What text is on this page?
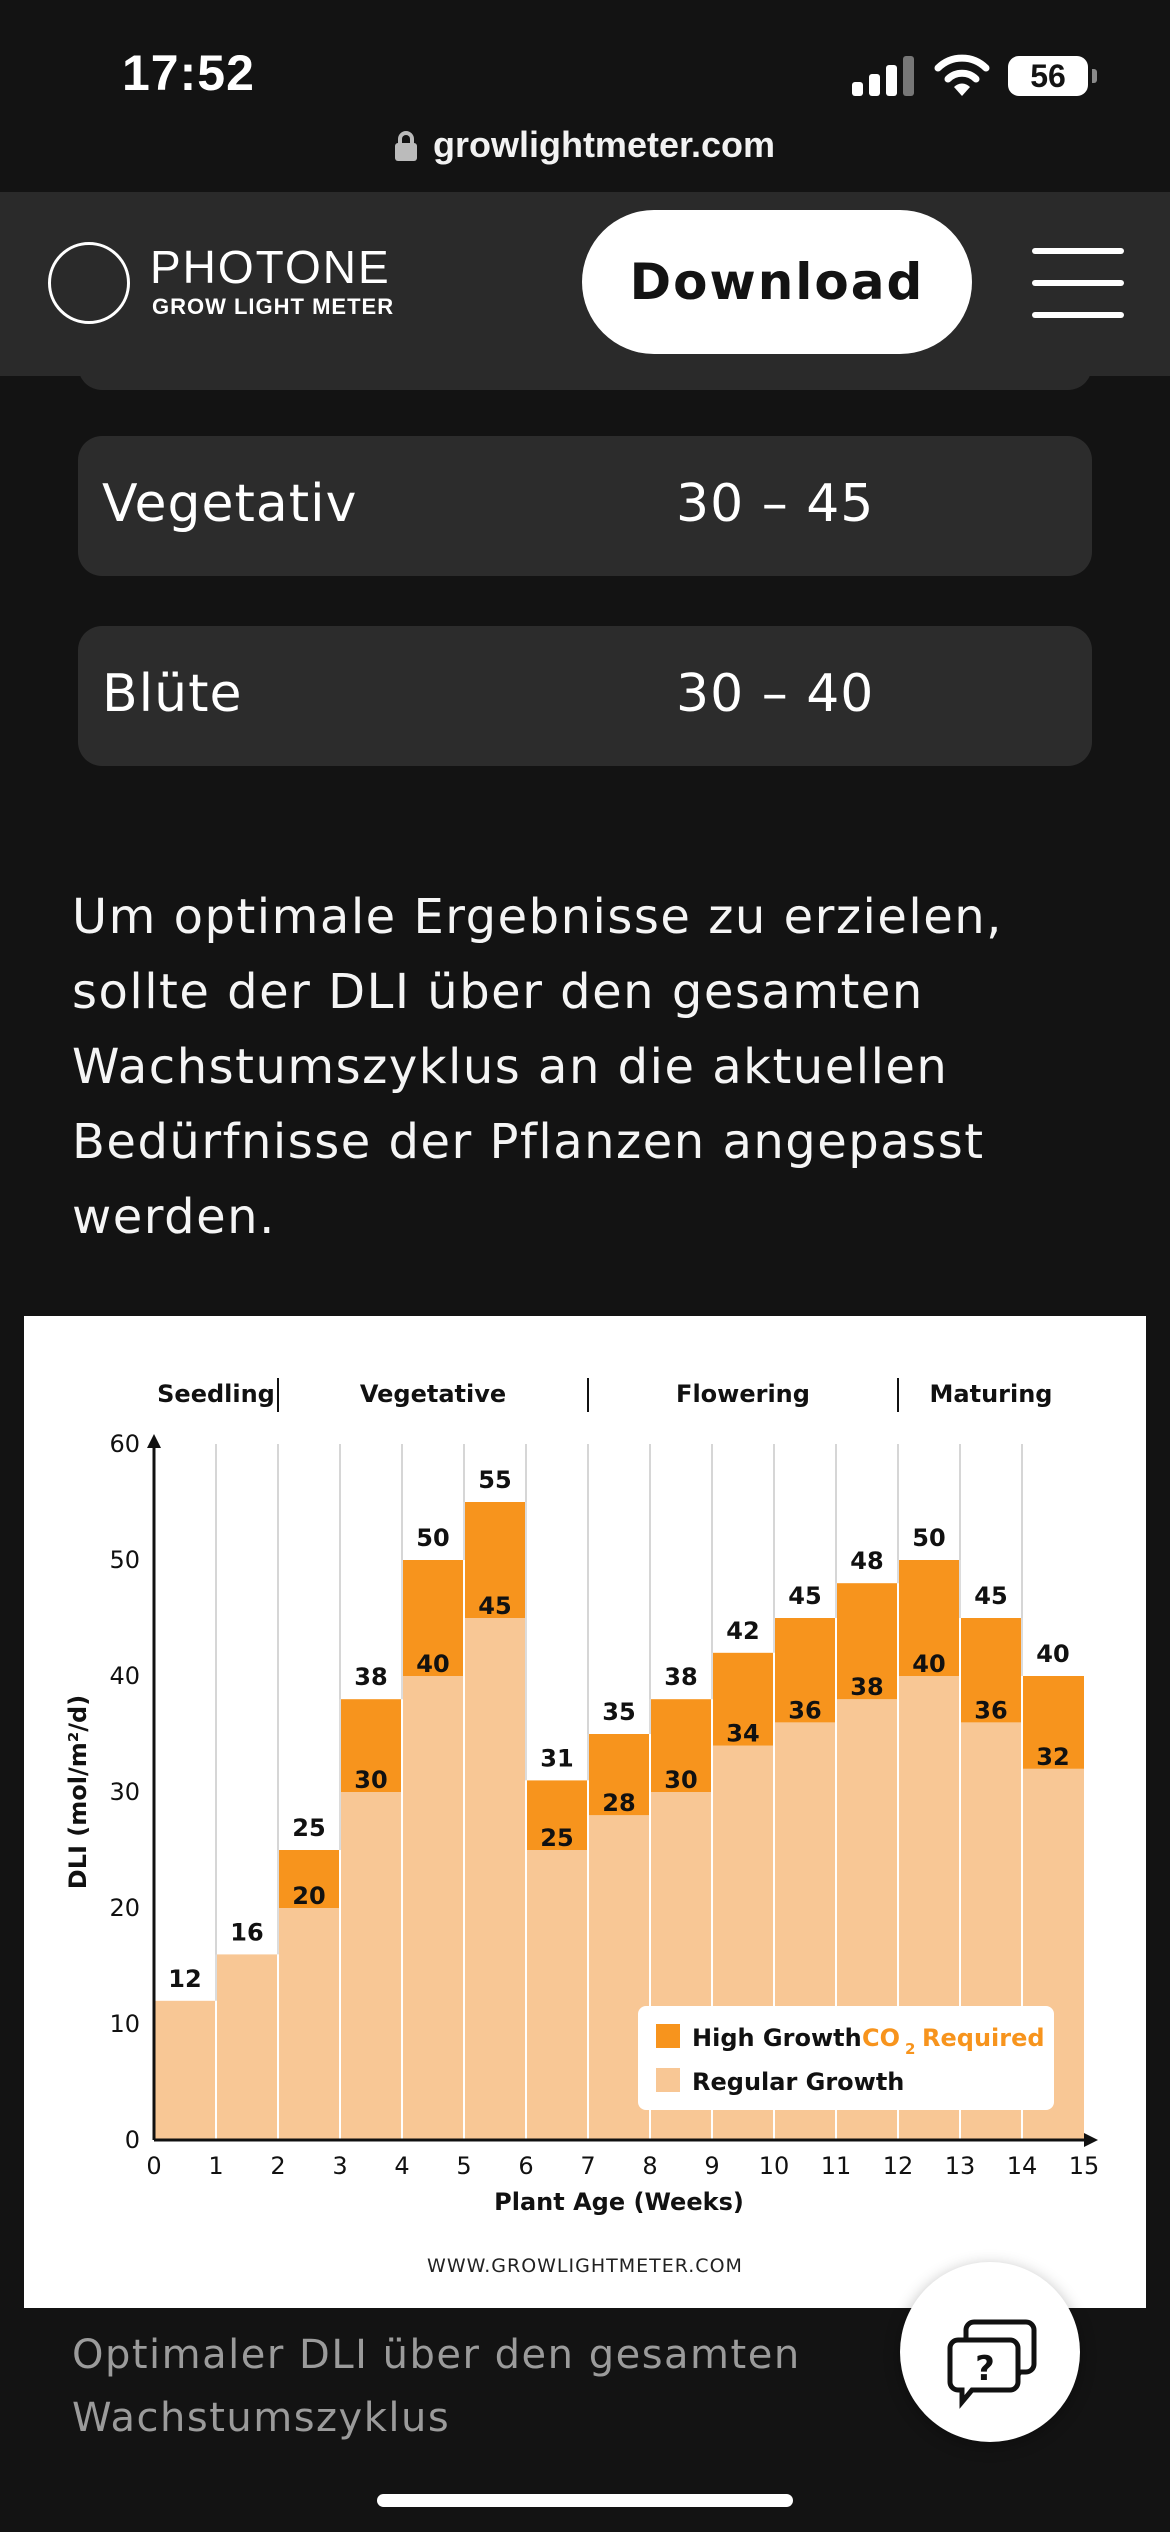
17:52	56
growlightmeter.com
PHOTONE
GROW LIGHT METER	Download
Vegetativ	30 – 45
Blüte	30 – 40

Um optimale Ergebnisse zu erzielen, sollte der DLI über den gesamten Wachstumszyklus an die aktuellen Bedürfnisse der Pflanzen angepasst werden.

0
10
20
30
40
50
60
0 1 2 3 4 5 6 7 8 9 10 11 12 13 14 15
Plant Age (Weeks)
DLI (mol/m²/d)
12
16
25
20
38
30
50
40
55
45
31
25
35
28
38
30
42
34
45
36
48
38
50
40
45
36
40
32
Seedling	Vegetative	Flowering	Maturing
High Growth CO 2 Required
Regular Growth
WWW.GROWLIGHTMETER.COM
Optimaler DLI über den gesamten Wachstumszyklus
?
